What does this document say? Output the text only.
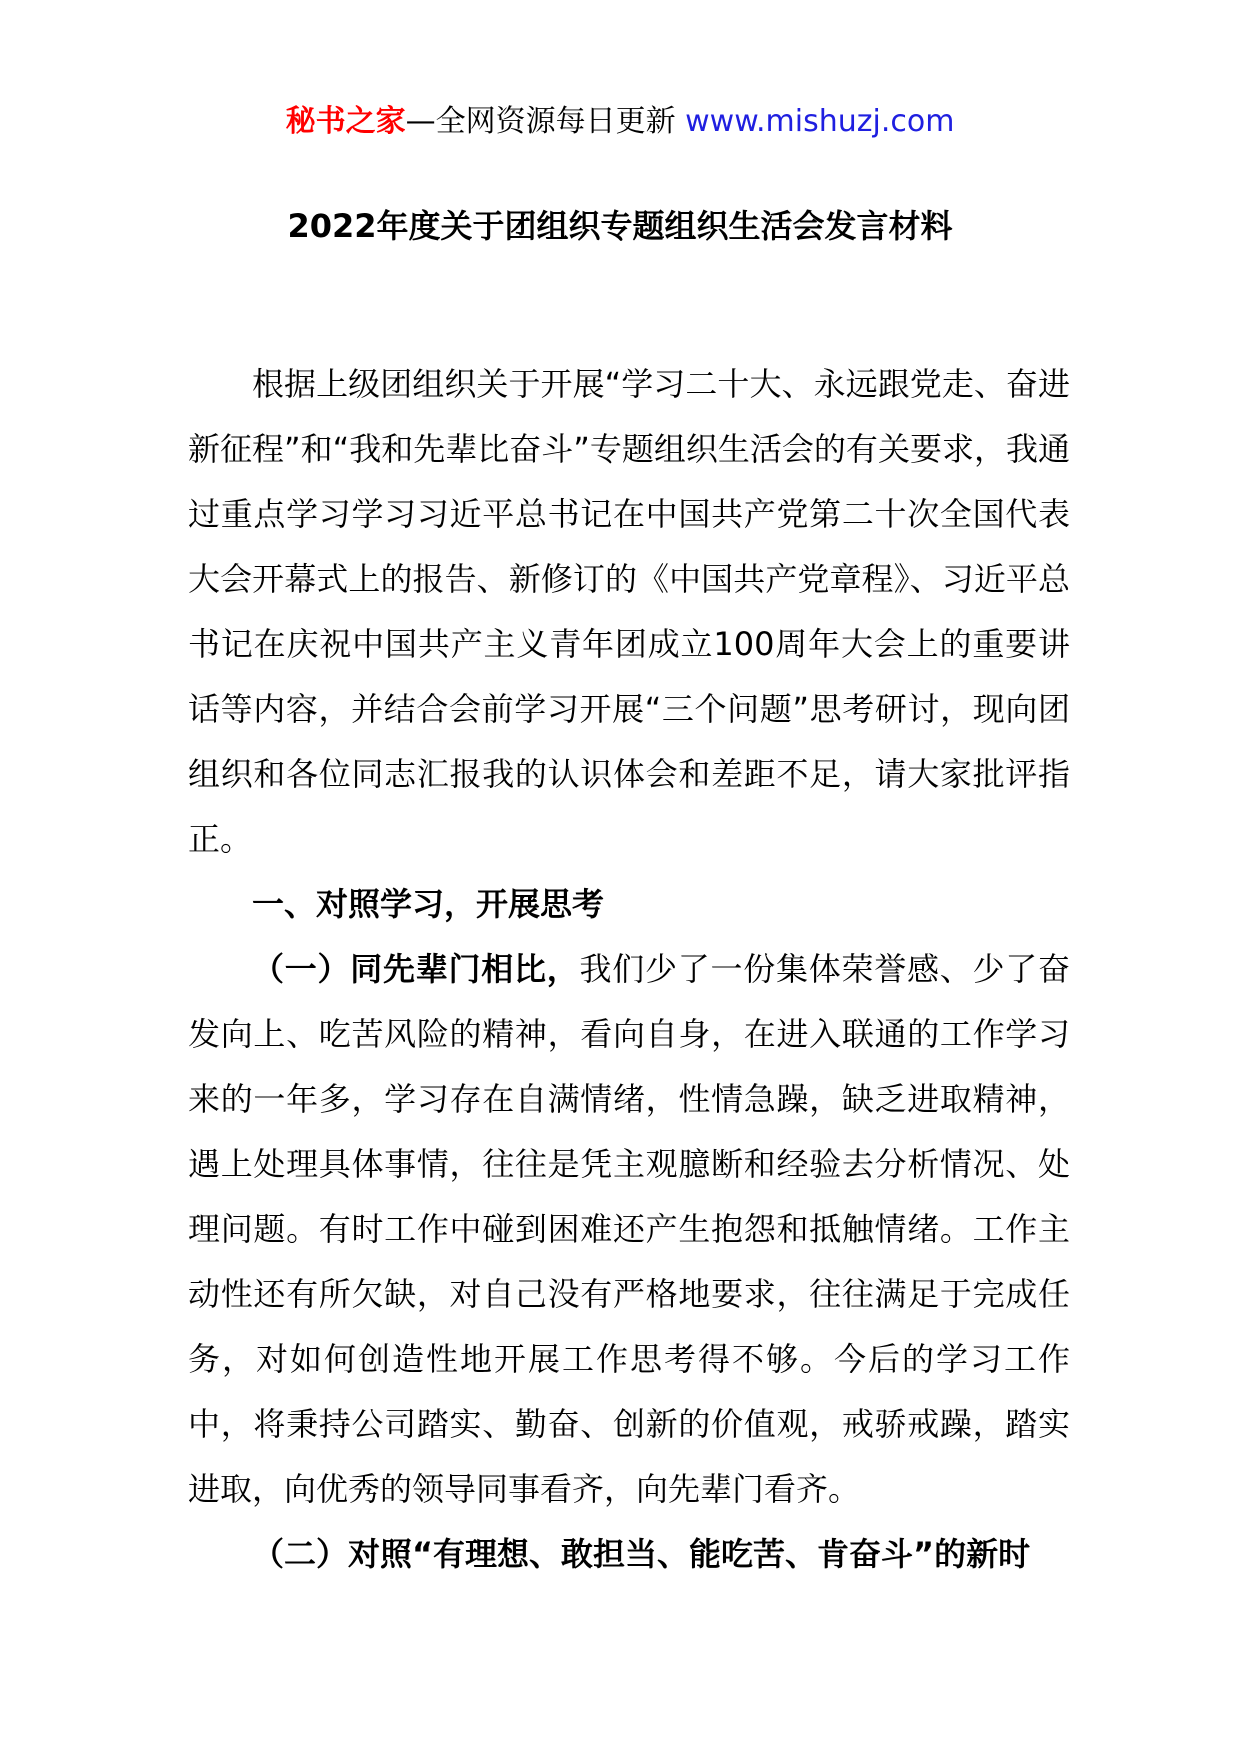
秘书之家—全网资源每日更新 www.mishuzj.com
2022年度关于团组织专题组织生活会发言材料

根据上级团组织关于开展“学习二十大、永远跟党走、奋进新征程”和“我和先辈比奋斗”专题组织生活会的有关要求，我通过重点学习学习习近平总书记在中国共产党第二十次全国代表大会开幕式上的报告、新修订的《中国共产党章程》、习近平总书记在庆祝中国共产主义青年团成立100周年大会上的重要讲话等内容，并结合会前学习开展“三个问题”思考研讨，现向团组织和各位同志汇报我的认识体会和差距不足，请大家批评指正。

一、对照学习，开展思考

（一）同先辈门相比，我们少了一份集体荣誉感、少了奋发向上、吃苦风险的精神，看向自身，在进入联通的工作学习来的一年多，学习存在自满情绪，性情急躁，缺乏进取精神，遇上处理具体事情，往往是凭主观臆断和经验去分析情况、处理问题。有时工作中碰到困难还产生抱怨和抵触情绪。工作主动性还有所欠缺，对自己没有严格地要求，往往满足于完成任务，对如何创造性地开展工作思考得不够。今后的学习工作中，将秉持公司踏实、勤奋、创新的价值观，戒骄戒躁，踏实进取，向优秀的领导同事看齐，向先辈门看齐。

（二）对照“有理想、敢担当、能吃苦、肯奋斗”的新时
